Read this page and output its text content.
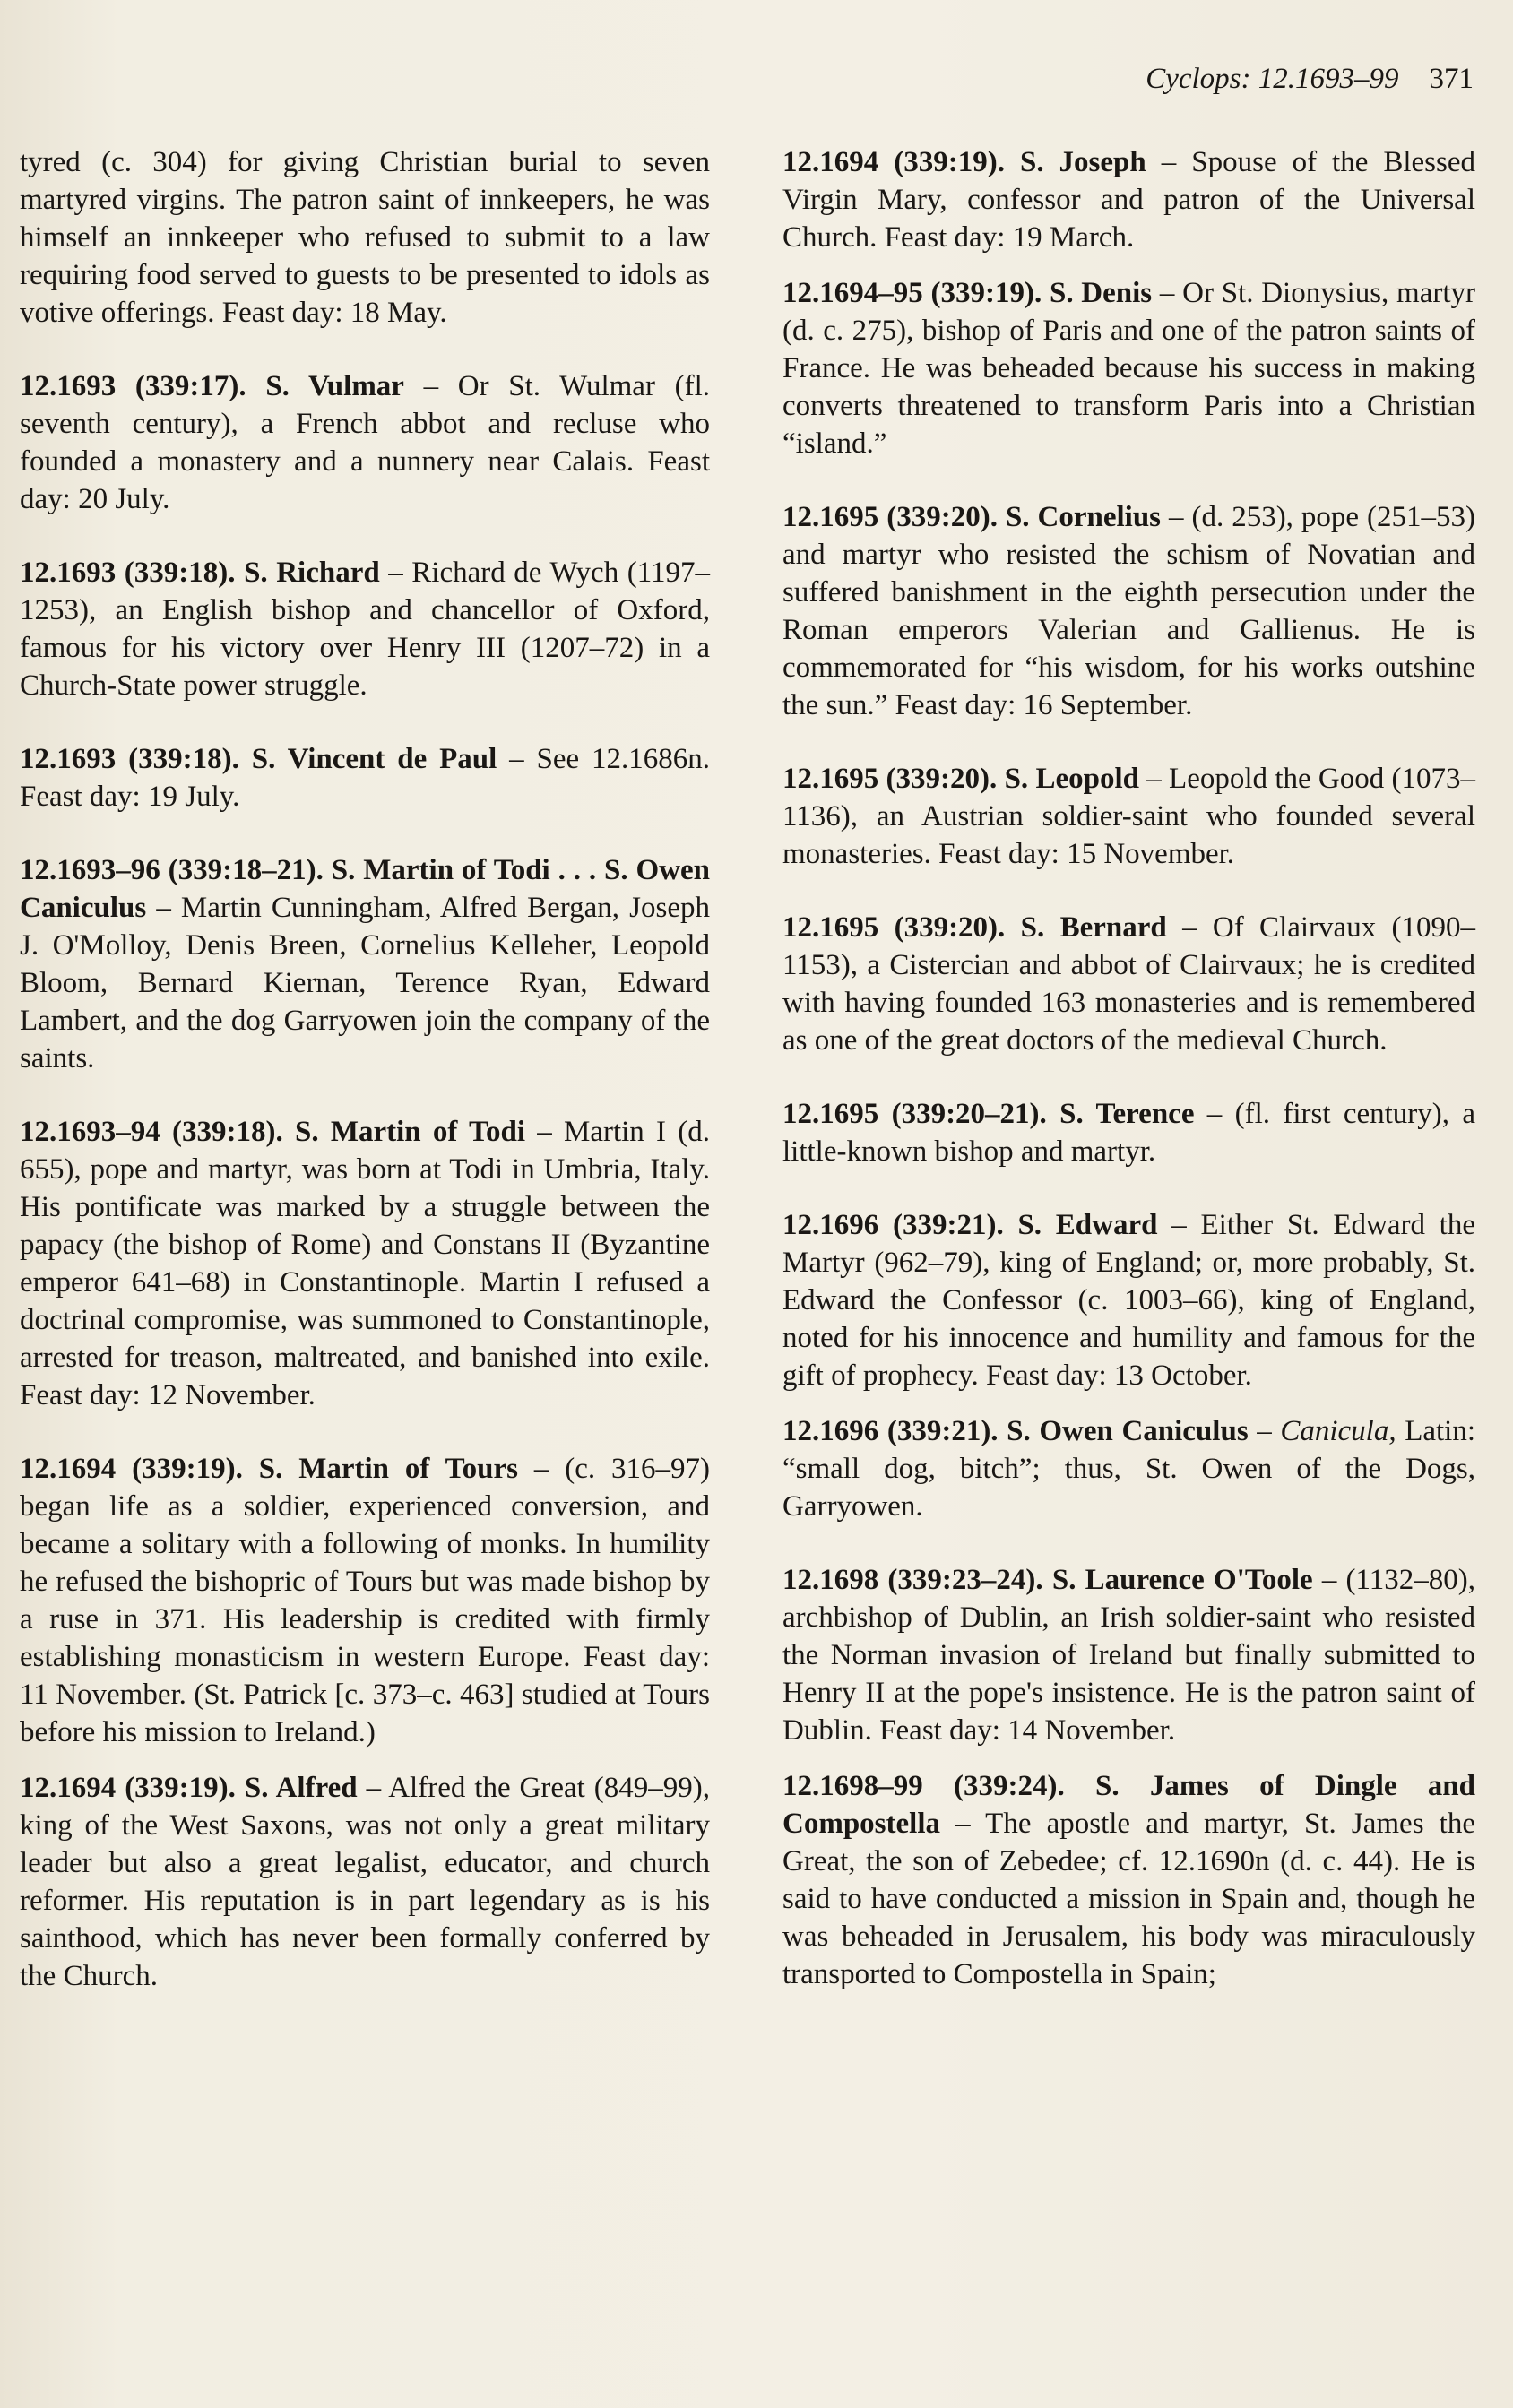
Cyclops: 12.1693–99 371

tyred (c. 304) for giving Christian burial to seven martyred virgins. The patron saint of innkeepers, he was himself an innkeeper who refused to submit to a law requiring food served to guests to be presented to idols as votive offerings. Feast day: 18 May.

12.1693 (339:17). S. Vulmar – Or St. Wulmar (fl. seventh century), a French abbot and recluse who founded a monastery and a nunnery near Calais. Feast day: 20 July.

12.1693 (339:18). S. Richard – Richard de Wych (1197–1253), an English bishop and chancellor of Oxford, famous for his victory over Henry III (1207–72) in a Church-State power struggle.

12.1693 (339:18). S. Vincent de Paul – See 12.1686n. Feast day: 19 July.

12.1693–96 (339:18–21). S. Martin of Todi . . . S. Owen Caniculus – Martin Cunningham, Alfred Bergan, Joseph J. O'Molloy, Denis Breen, Cornelius Kelleher, Leopold Bloom, Bernard Kiernan, Terence Ryan, Edward Lambert, and the dog Garryowen join the company of the saints.

12.1693–94 (339:18). S. Martin of Todi – Martin I (d. 655), pope and martyr, was born at Todi in Umbria, Italy. His pontificate was marked by a struggle between the papacy (the bishop of Rome) and Constans II (Byzantine emperor 641–68) in Constantinople. Martin I refused a doctrinal compromise, was summoned to Constantinople, arrested for treason, maltreated, and banished into exile. Feast day: 12 November.

12.1694 (339:19). S. Martin of Tours – (c. 316–97) began life as a soldier, experienced conversion, and became a solitary with a following of monks. In humility he refused the bishopric of Tours but was made bishop by a ruse in 371. His leadership is credited with firmly establishing monasticism in western Europe. Feast day: 11 November. (St. Patrick [c. 373–c. 463] studied at Tours before his mission to Ireland.)

12.1694 (339:19). S. Alfred – Alfred the Great (849–99), king of the West Saxons, was not only a great military leader but also a great legalist, educator, and church reformer. His reputation is in part legendary as is his sainthood, which has never been formally conferred by the Church.

12.1694 (339:19). S. Joseph – Spouse of the Blessed Virgin Mary, confessor and patron of the Universal Church. Feast day: 19 March.

12.1694–95 (339:19). S. Denis – Or St. Dionysius, martyr (d. c. 275), bishop of Paris and one of the patron saints of France. He was beheaded because his success in making converts threatened to transform Paris into a Christian “island.”

12.1695 (339:20). S. Cornelius – (d. 253), pope (251–53) and martyr who resisted the schism of Novatian and suffered banishment in the eighth persecution under the Roman emperors Valerian and Gallienus. He is commemorated for “his wisdom, for his works outshine the sun.” Feast day: 16 September.

12.1695 (339:20). S. Leopold – Leopold the Good (1073–1136), an Austrian soldier-saint who founded several monasteries. Feast day: 15 November.

12.1695 (339:20). S. Bernard – Of Clairvaux (1090–1153), a Cistercian and abbot of Clairvaux; he is credited with having founded 163 monasteries and is remembered as one of the great doctors of the medieval Church.

12.1695 (339:20–21). S. Terence – (fl. first century), a little-known bishop and martyr.

12.1696 (339:21). S. Edward – Either St. Edward the Martyr (962–79), king of England; or, more probably, St. Edward the Confessor (c. 1003–66), king of England, noted for his innocence and humility and famous for the gift of prophecy. Feast day: 13 October.

12.1696 (339:21). S. Owen Caniculus – Canicula, Latin: “small dog, bitch”; thus, St. Owen of the Dogs, Garryowen.

12.1698 (339:23–24). S. Laurence O'Toole – (1132–80), archbishop of Dublin, an Irish soldier-saint who resisted the Norman invasion of Ireland but finally submitted to Henry II at the pope's insistence. He is the patron saint of Dublin. Feast day: 14 November.

12.1698–99 (339:24). S. James of Dingle and Compostella – The apostle and martyr, St. James the Great, the son of Zebedee; cf. 12.1690n (d. c. 44). He is said to have conducted a mission in Spain and, though he was beheaded in Jerusalem, his body was miraculously transported to Compostella in Spain;
